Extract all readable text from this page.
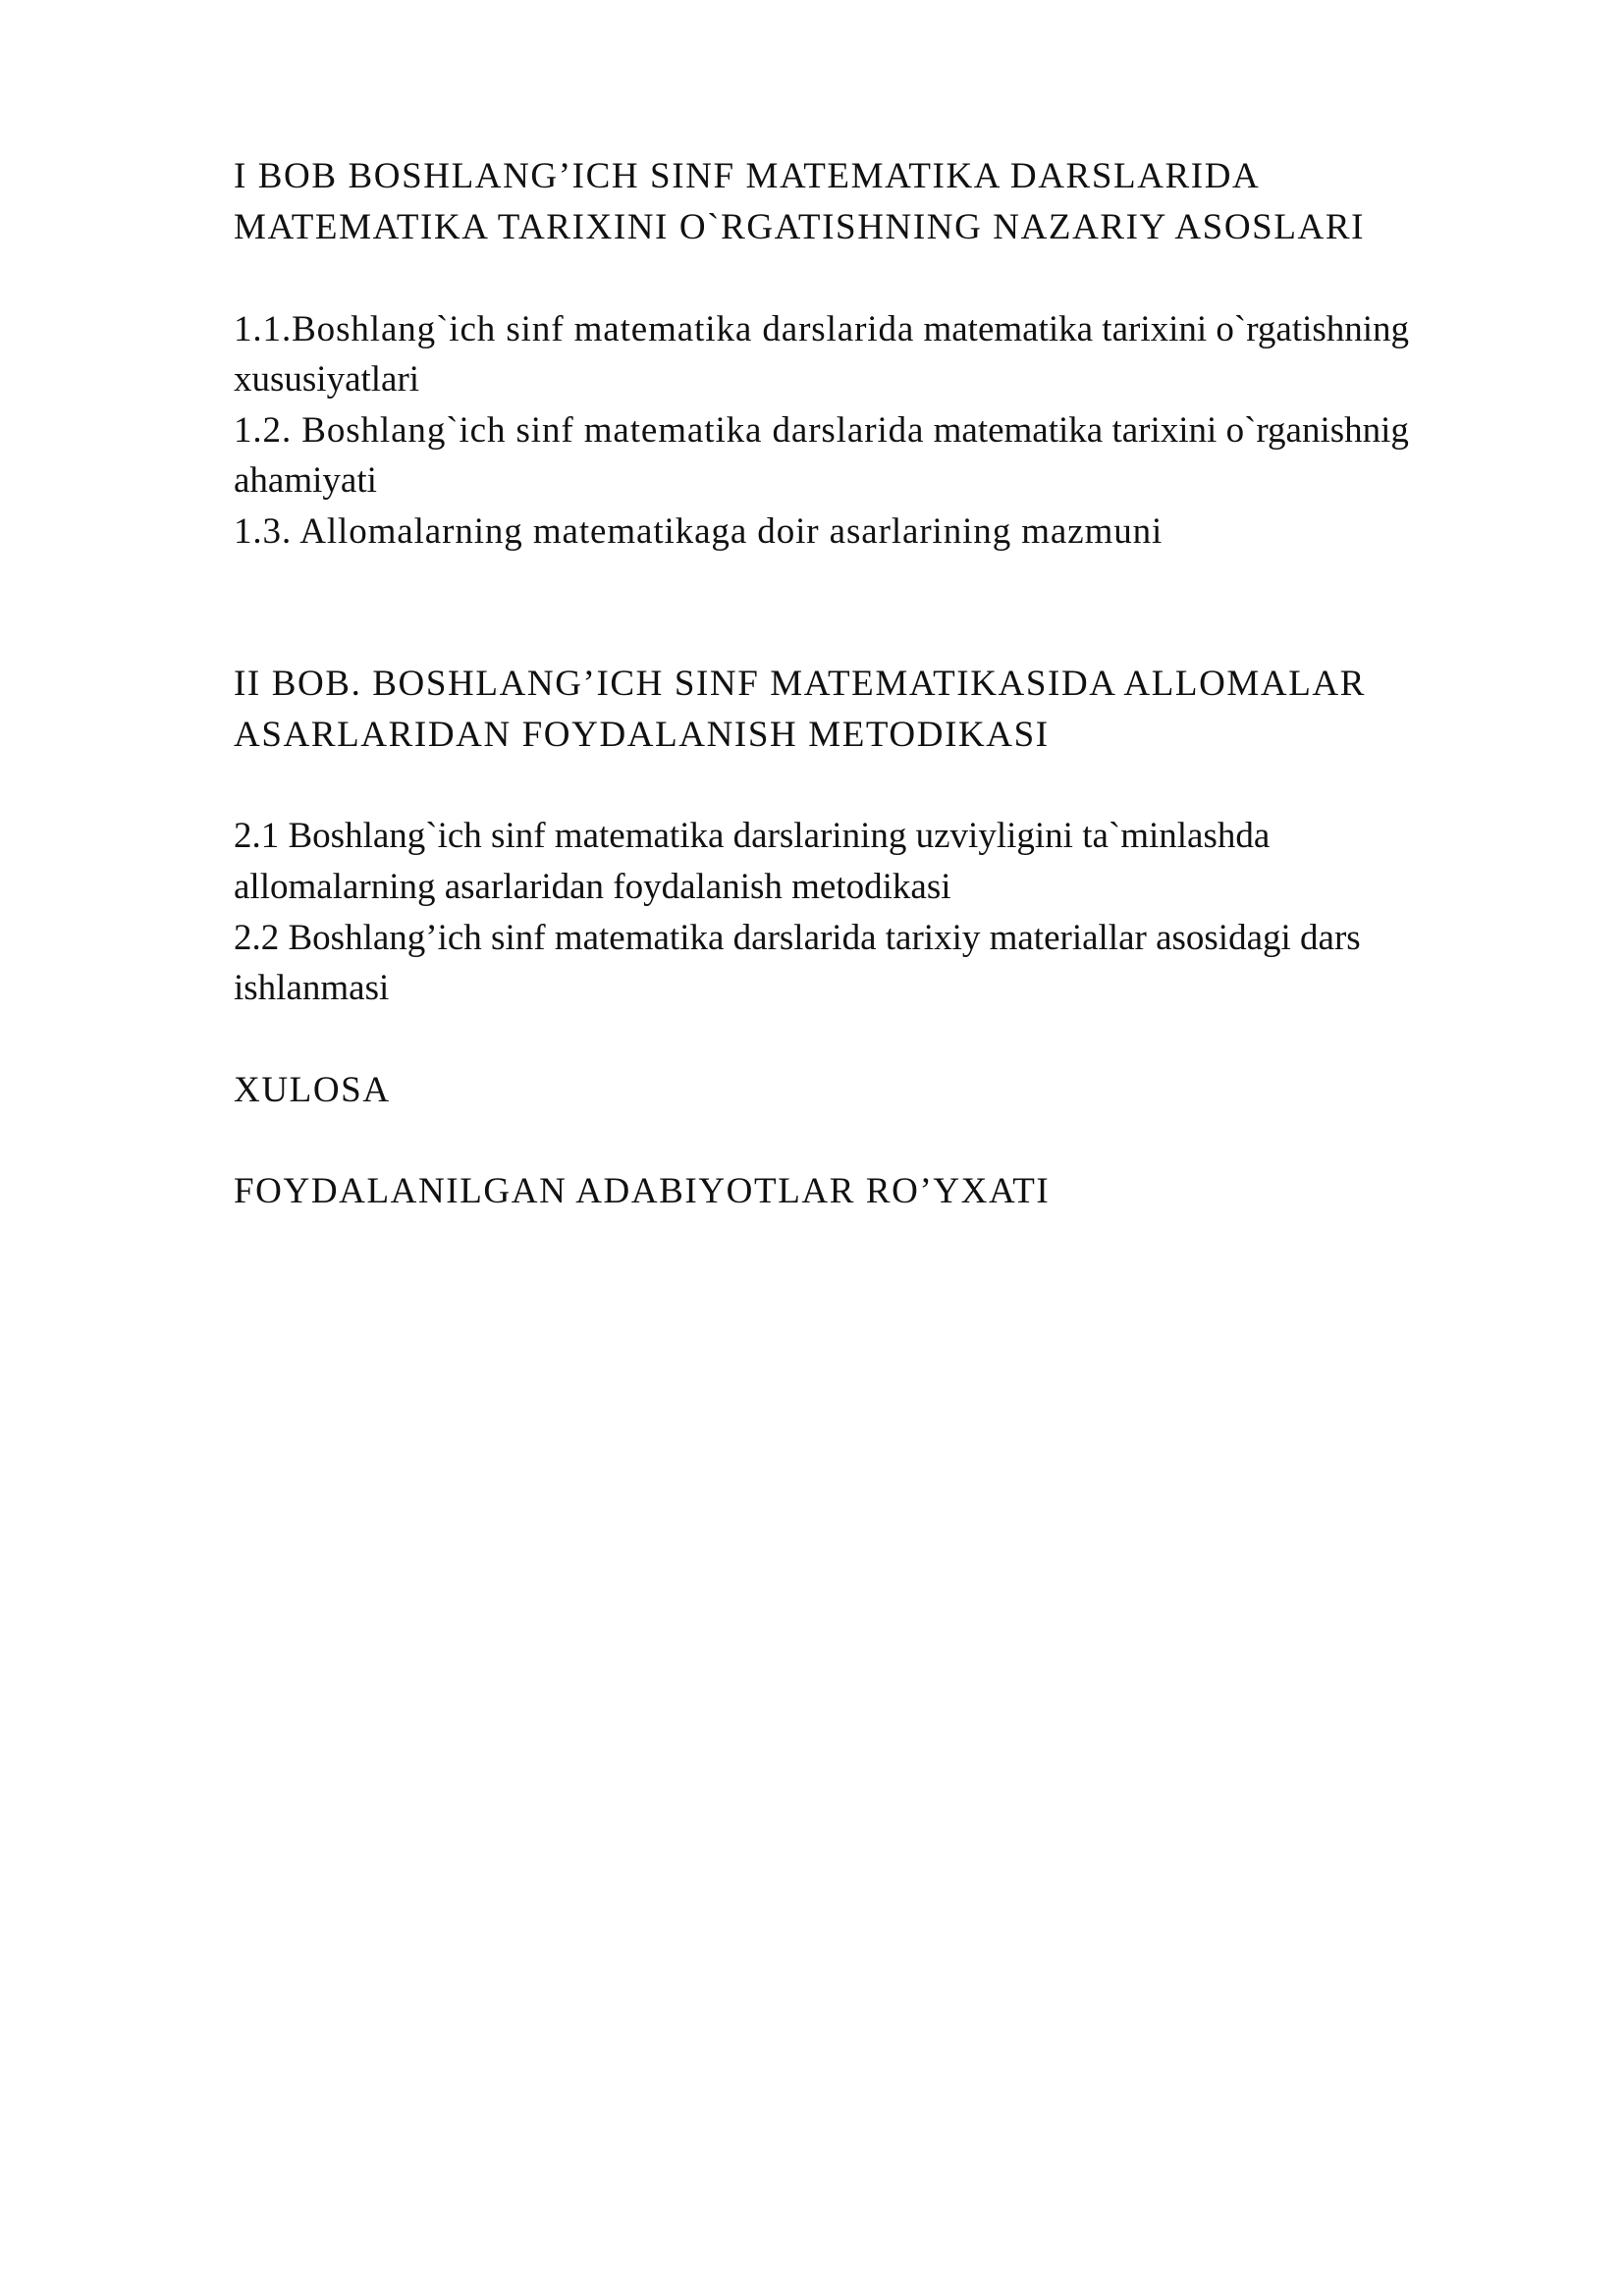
I BOB BOSHLANG’ICH SINF MATEMATIKA DARSLARIDA

MATEMATIKA TARIXINI O`RGATISHNING NAZARIY ASOSLARI

1.1.Boshlang`ich sinf matematika darslarida matematika tarixini o`rgatishning

xususiyatlari

1.2. Boshlang`ich sinf matematika darslarida matematika tarixini o`rganishnig

ahamiyati

1.3. Allomalarning matematikaga doir asarlarining mazmuni

II BOB. BOSHLANG’ICH SINF MATEMATIKASIDA ALLOMALAR

ASARLARIDAN FOYDALANISH METODIKASI

2.1 Boshlang`ich sinf matematika darslarining uzviyligini ta`minlashda

allomalarning asarlaridan foydalanish metodikasi

2.2 Boshlang’ich sinf matematika darslarida tarixiy materiallar asosidagi dars

ishlanmasi

XULOSA

FOYDALANILGAN ADABIYOTLAR RO’YXATI
